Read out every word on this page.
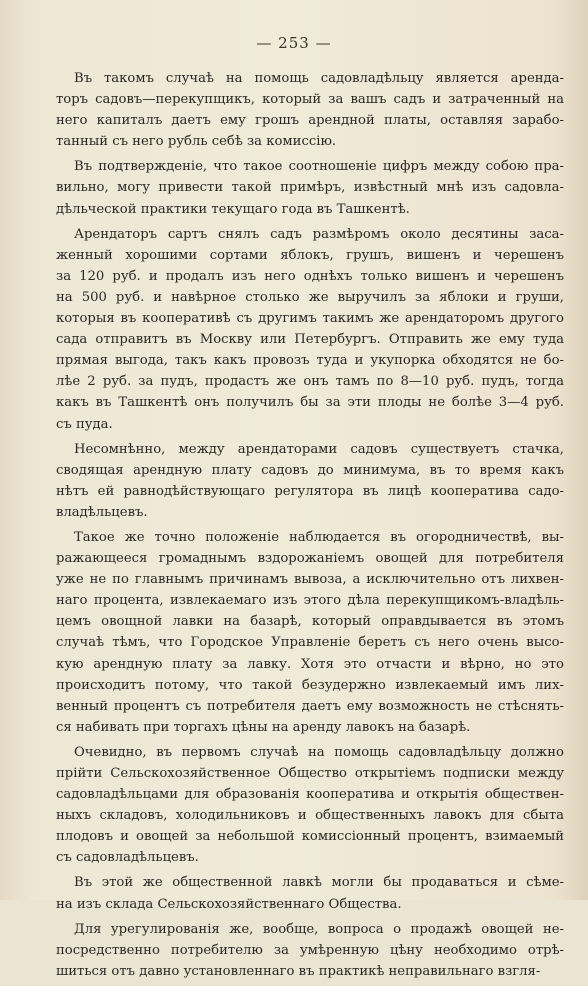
— 253 —
Въ такомъ случаѣ на помощь садовладѣльцу является арендa-
торъ садовъ—перекупщикъ, который за вашъ садъ и затраченный на
него капиталъ даетъ ему грошъ арендной платы, оставляя зарабо-
танный съ него рубль себѣ за комиссію.
Въ подтвержденіе, что такое соотношеніе цифръ между собою пра-
вильно, могу привести такой примѣръ, извѣстный мнѣ изъ садовла-
дѣльческой практики текущаго года въ Ташкентѣ.
Арендаторъ сартъ снялъ садъ размѣромъ около десятины заса-
женный хорошими сортами яблокъ, грушъ, вишенъ и черешенъ
за 120 руб. и продалъ изъ него однѣхъ только вишенъ и черешенъ
на 500 руб. и навѣрное столько же выручилъ за яблоки и груши,
которыя въ кооперативѣ съ другимъ такимъ же арендаторомъ другого
сада отправитъ въ Москву или Петербургъ. Отправить же ему туда
прямая выгода, такъ какъ провозъ туда и укупорка обходятся не бо-
лѣе 2 руб. за пудъ, продастъ же онъ тамъ по 8—10 руб. пудъ, тогда
какъ въ Ташкентѣ онъ получилъ бы за эти плоды не болѣе 3—4 руб.
съ пуда.
Несомнѣнно, между арендаторами садовъ существуетъ стачка,
сводящая арендную плату садовъ до минимума, въ то время какъ
нѣтъ ей равнодѣйствующаго регулятора въ лицѣ кооператива садо-
владѣльцевъ.
Такое же точно положеніе наблюдается въ огородничествѣ, вы-
ражающееся громаднымъ вздорожаніемъ овощей для потребителя
уже не по главнымъ причинамъ вывоза, а исключительно отъ лихвен-
наго процента, извлекаемаго изъ этого дѣла перекупщикомъ-владѣль-
цемъ овощной лавки на базарѣ, который оправдывается въ этомъ
случаѣ тѣмъ, что Городское Управленіе беретъ съ него очень высо-
кую арендную плату за лавку. Хотя это отчасти и вѣрно, но это
происходитъ потому, что такой безудержно извлекаемый имъ лих-
венный процентъ съ потребителя даетъ ему возможность не стѣснять-
ся набивать при торгахъ цѣны на аренду лавокъ на базарѣ.
Очевидно, въ первомъ случаѣ на помощь садовладѣльцу должно
прійти Сельскохозяйственное Общество открытіемъ подписки между
садовладѣльцами для образованія кооператива и открытія обществен-
ныхъ складовъ, холодильниковъ и общественныхъ лавокъ для сбыта
плодовъ и овощей за небольшой комиссіонный процентъ, взимаемый
съ садовладѣльцевъ.
Въ этой же общественной лавкѣ могли бы продаваться и сѣме-
на изъ склада Сельскохозяйственнаго Общества.
Для урегулированія же, вообще, вопроса о продажѣ овощей не-
посредственно потребителю за умѣренную цѣну необходимо отрѣ-
шиться отъ давно установленнаго въ практикѣ неправильнаго взгля-
